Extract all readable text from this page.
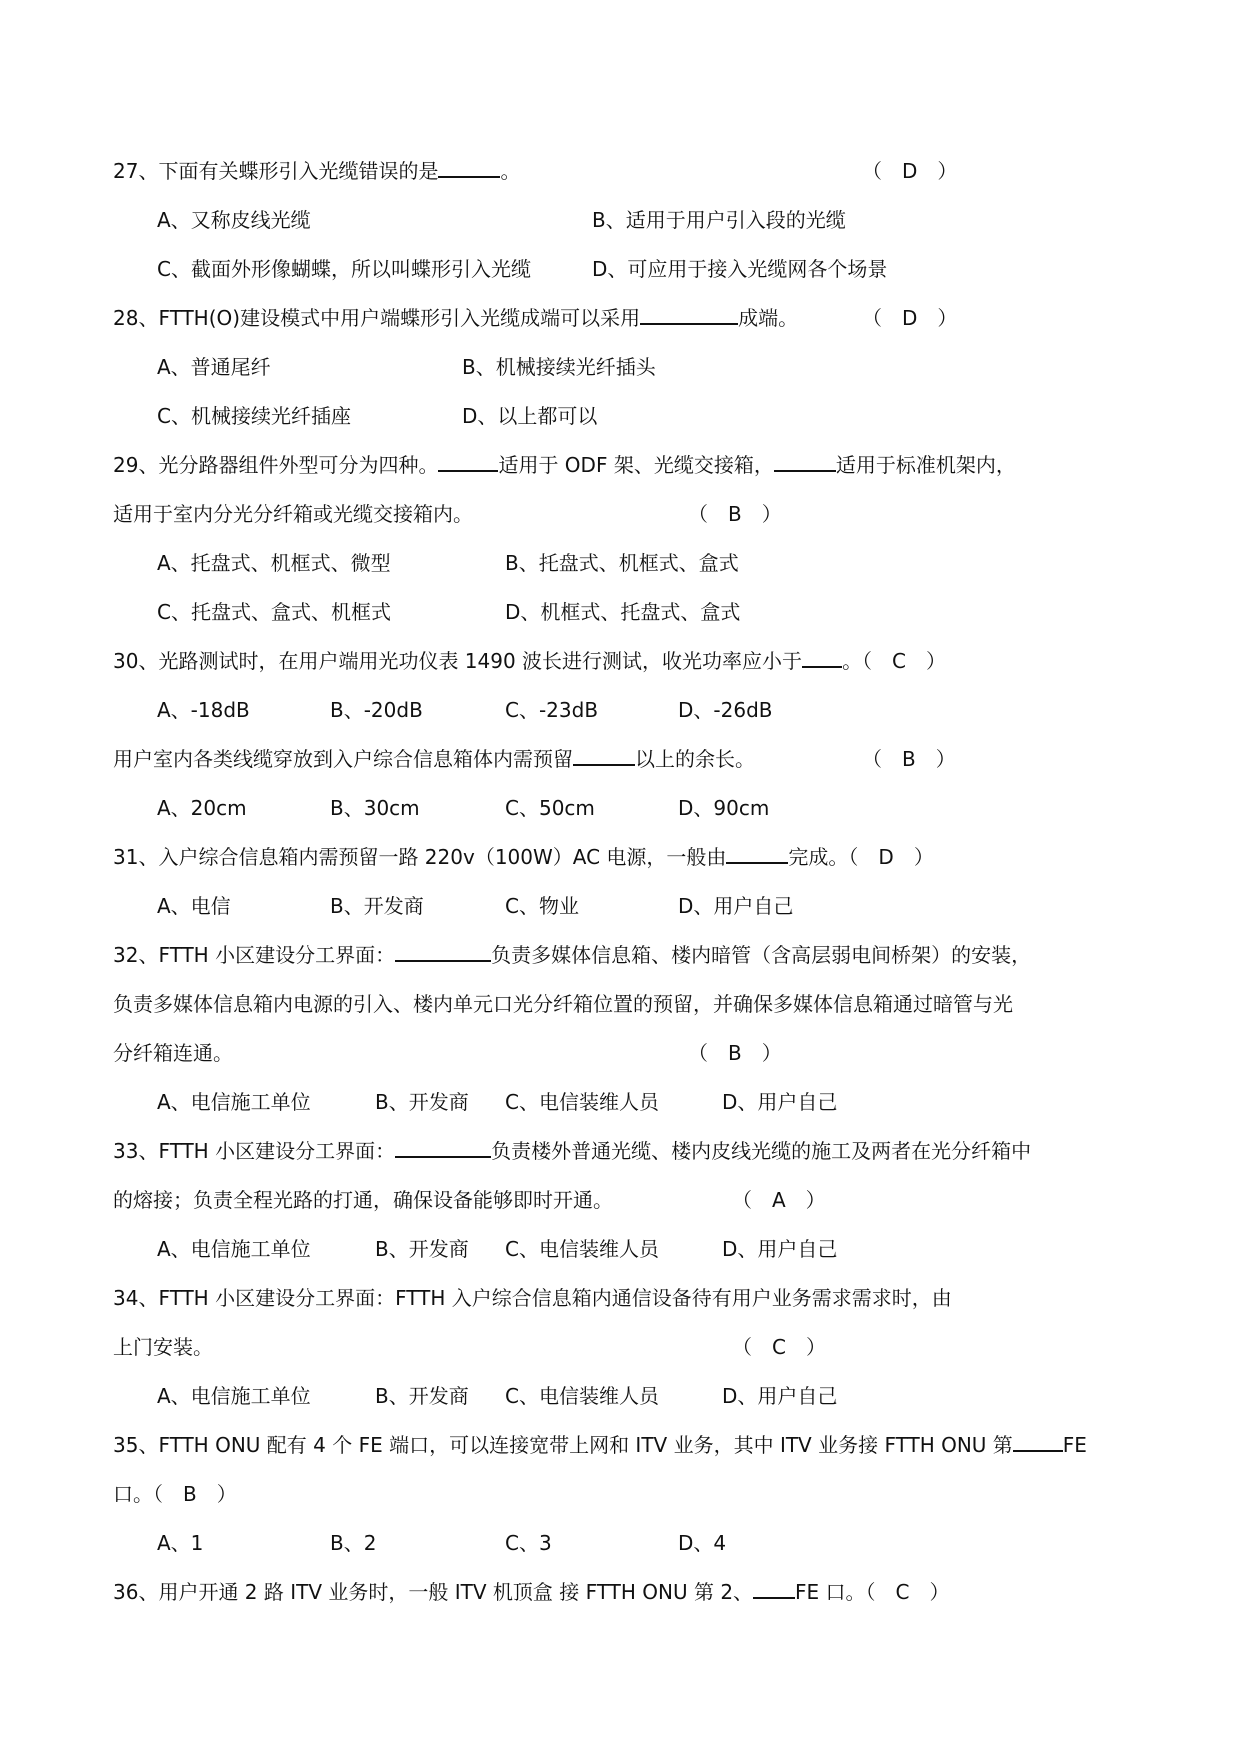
27、下面有关蝶形引入光缆错误的是	。	（　D　）
A、又称皮线光缆	B、适用于用户引入段的光缆
C、截面外形像蝴蝶，所以叫蝶形引入光缆	D、可应用于接入光缆网各个场景
28、FTTH(O)建设模式中用户端蝶形引入光缆成端可以采用	成端。	（　D　）
A、普通尾纤	B、机械接续光纤插头
C、机械接续光纤插座	D、以上都可以
29、光分路器组件外型可分为四种。	适用于 ODF 架、光缆交接箱，	适用于标准机架内，
适用于室内分光分纤箱或光缆交接箱内。	（　B　）
A、托盘式、机框式、微型	B、托盘式、机框式、盒式
C、托盘式、盒式、机框式	D、机框式、托盘式、盒式
30、光路测试时，在用户端用光功仪表 1490 波长进行测试，收光功率应小于 。（　C　）
A、-18dB	B、-20dB	C、-23dB	D、-26dB
用户室内各类线缆穿放到入户综合信息箱体内需预留	以上的余长。	（　B　）
A、20cm	B、30cm	C、50cm	D、90cm
31、入户综合信息箱内需预留一路 220v（100W）AC 电源，一般由	完成。（　D　）
A、电信	B、开发商	C、物业	D、用户自己
32、FTTH 小区建设分工界面：	负责多媒体信息箱、楼内暗管（含高层弱电间桥架）的安装，
负责多媒体信息箱内电源的引入、楼内单元口光分纤箱位置的预留，并确保多媒体信息箱通过暗管与光
分纤箱连通。	（　B　）
A、电信施工单位	B、开发商 C、电信装维人员	D、用户自己
33、FTTH 小区建设分工界面：	负责楼外普通光缆、楼内皮线光缆的施工及两者在光分纤箱中
的熔接；负责全程光路的打通，确保设备能够即时开通。	（　A　）
A、电信施工单位	B、开发商 C、电信装维人员	D、用户自己
34、FTTH 小区建设分工界面：FTTH 入户综合信息箱内通信设备待有用户业务需求需求时，由
上门安装。	（　C　）
A、电信施工单位	B、开发商 C、电信装维人员	D、用户自己
35、FTTH ONU 配有 4 个 FE 端口，可以连接宽带上网和 ITV 业务，其中 ITV 业务接 FTTH ONU 第	FE
口。（　B　）
A、1	B、2	C、3	D、4
36、用户开通 2 路 ITV 业务时，一般 ITV 机顶盒 接 FTTH ONU 第 2、 FE 口。（　C　）
